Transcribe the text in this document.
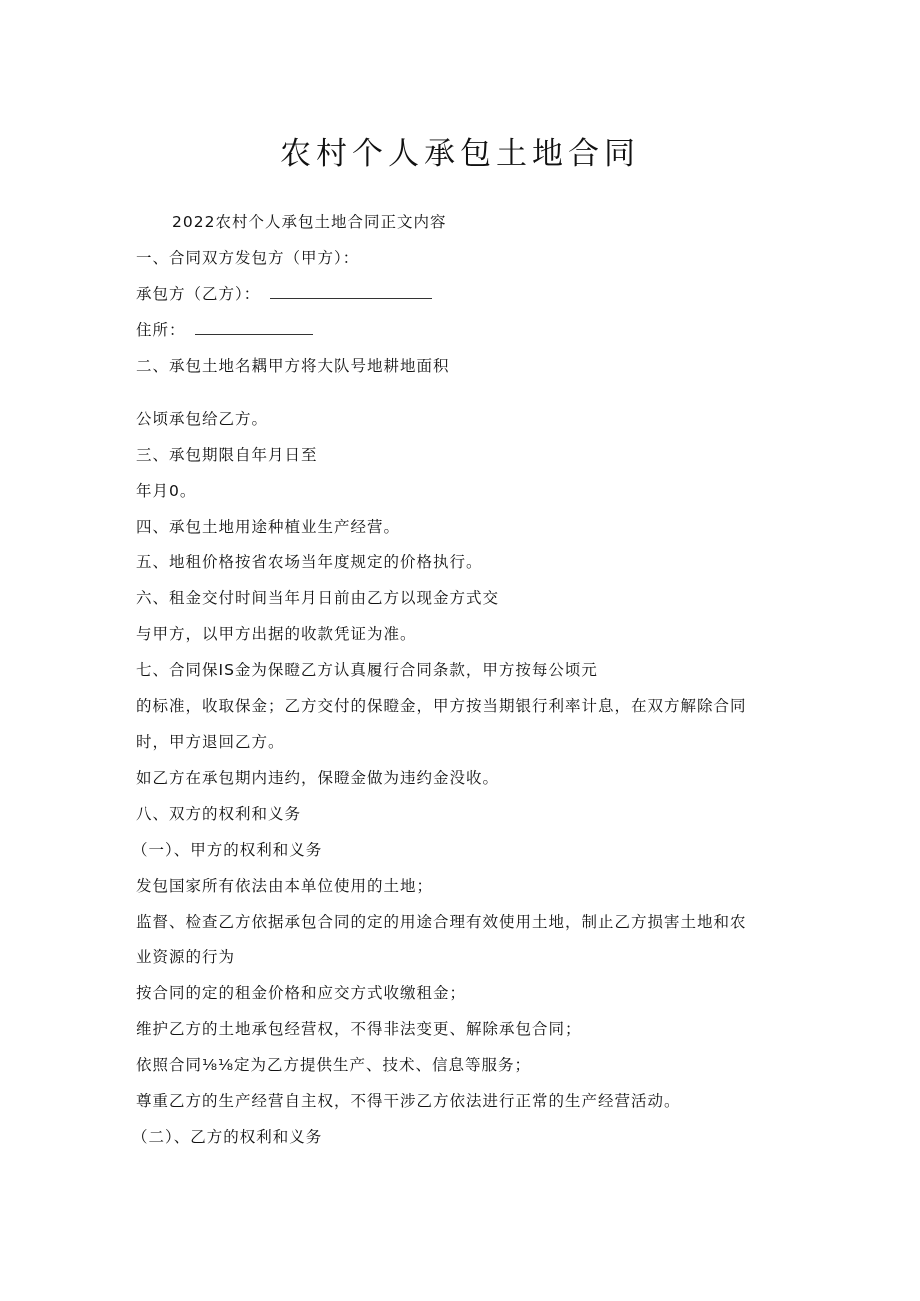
农村个人承包土地合同
2022农村个人承包土地合同正文内容
一、合同双方发包方（甲方）：
承包方（乙方）：
住所：
二、承包土地名耦甲方将大队号地耕地面积
公顷承包给乙方。
三、承包期限自年月日至
年月0。
四、承包土地用途种植业生产经营。
五、地租价格按省农场当年度规定的价格执行。
六、租金交付时间当年月日前由乙方以现金方式交
与甲方，以甲方出据的收款凭证为准。
七、合同保IS金为保瞪乙方认真履行合同条款，甲方按每公顷元
的标准，收取保金；乙方交付的保瞪金，甲方按当期银行利率计息，在双方解除合同
时，甲方退回乙方。
如乙方在承包期内违约，保瞪金做为违约金没收。
八、双方的权利和义务
（一）、甲方的权利和义务
发包国家所有依法由本单位使用的土地；
监督、检查乙方依据承包合同的定的用途合理有效使用土地，制止乙方损害土地和农
业资源的行为
按合同的定的租金价格和应交方式收缴租金；
维护乙方的土地承包经营权，不得非法变更、解除承包合同；
依照合同⅛⅛定为乙方提供生产、技术、信息等服务；
尊重乙方的生产经营自主权，不得干涉乙方依法进行正常的生产经营活动。
（二）、乙方的权利和义务
